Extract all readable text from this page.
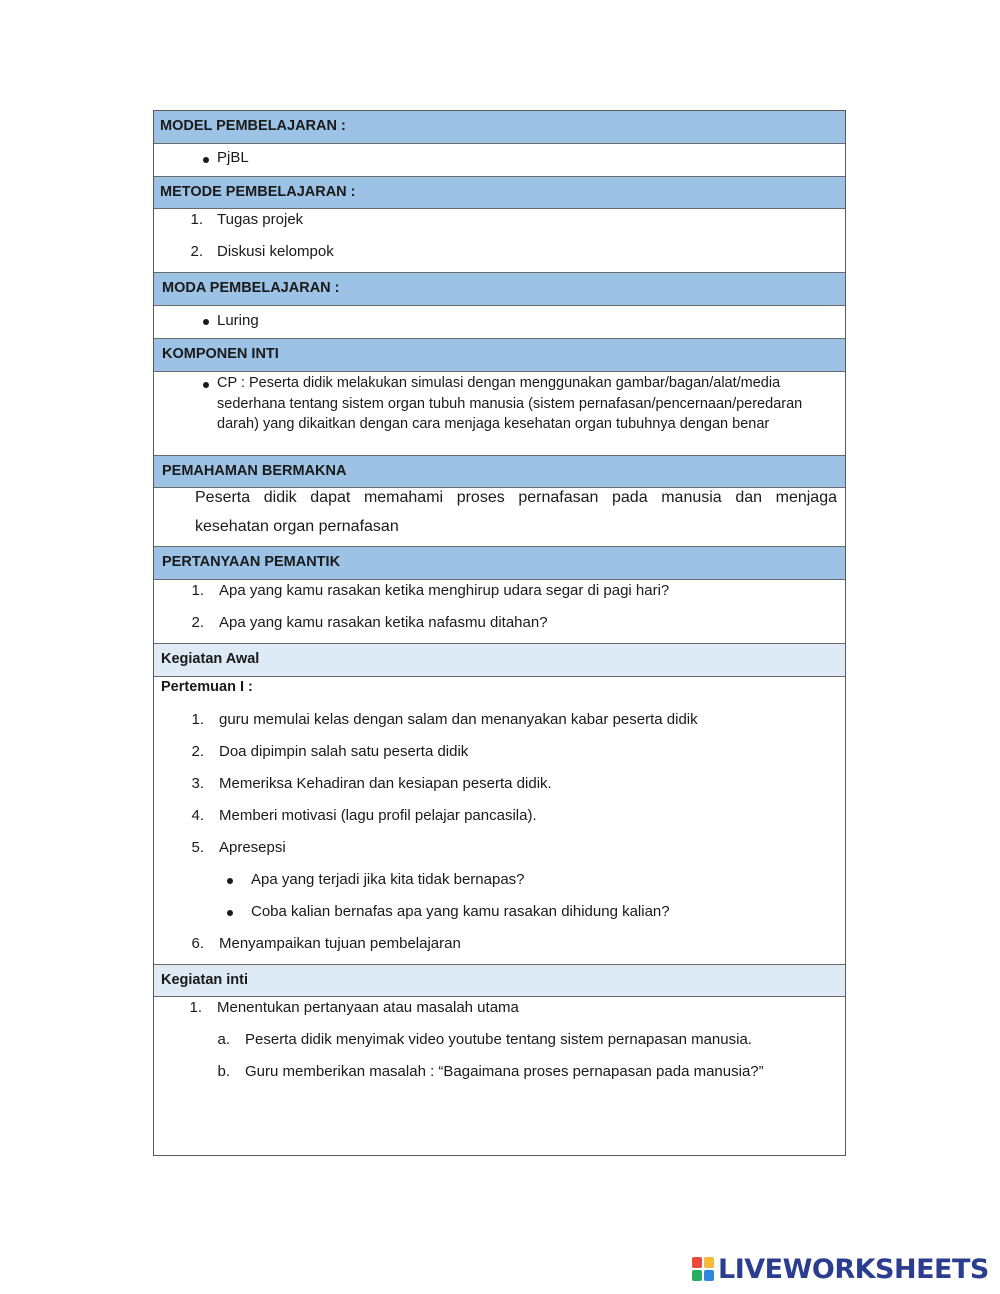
MODEL PEMBELAJARAN :
PjBL
METODE PEMBELAJARAN :
1. Tugas projek
2. Diskusi kelompok
MODA PEMBELAJARAN :
Luring
KOMPONEN INTI
CP : Peserta didik melakukan simulasi dengan menggunakan gambar/bagan/alat/media sederhana tentang sistem organ tubuh manusia (sistem pernafasan/pencernaan/peredaran darah) yang dikaitkan dengan cara menjaga kesehatan organ tubuhnya dengan benar
PEMAHAMAN BERMAKNA
Peserta didik dapat memahami proses pernafasan pada manusia dan menjaga
kesehatan organ pernafasan
PERTANYAAN PEMANTIK
1. Apa yang kamu rasakan ketika menghirup udara segar di pagi hari?
2. Apa yang kamu rasakan ketika nafasmu ditahan?
Kegiatan Awal
Pertemuan I :
1. guru memulai kelas dengan salam dan menanyakan kabar peserta didik
2. Doa dipimpin salah satu peserta didik
3. Memeriksa Kehadiran dan kesiapan peserta didik.
4. Memberi motivasi (lagu profil pelajar pancasila).
5. Apresepsi
Apa yang terjadi jika kita tidak bernapas?
Coba kalian bernafas apa yang kamu rasakan dihidung kalian?
6. Menyampaikan tujuan pembelajaran
Kegiatan inti
1. Menentukan pertanyaan atau masalah utama
a. Peserta didik menyimak video youtube tentang sistem pernapasan manusia.
b. Guru memberikan masalah : “Bagaimana proses pernapasan pada manusia?”
LIVEWORKSHEETS
